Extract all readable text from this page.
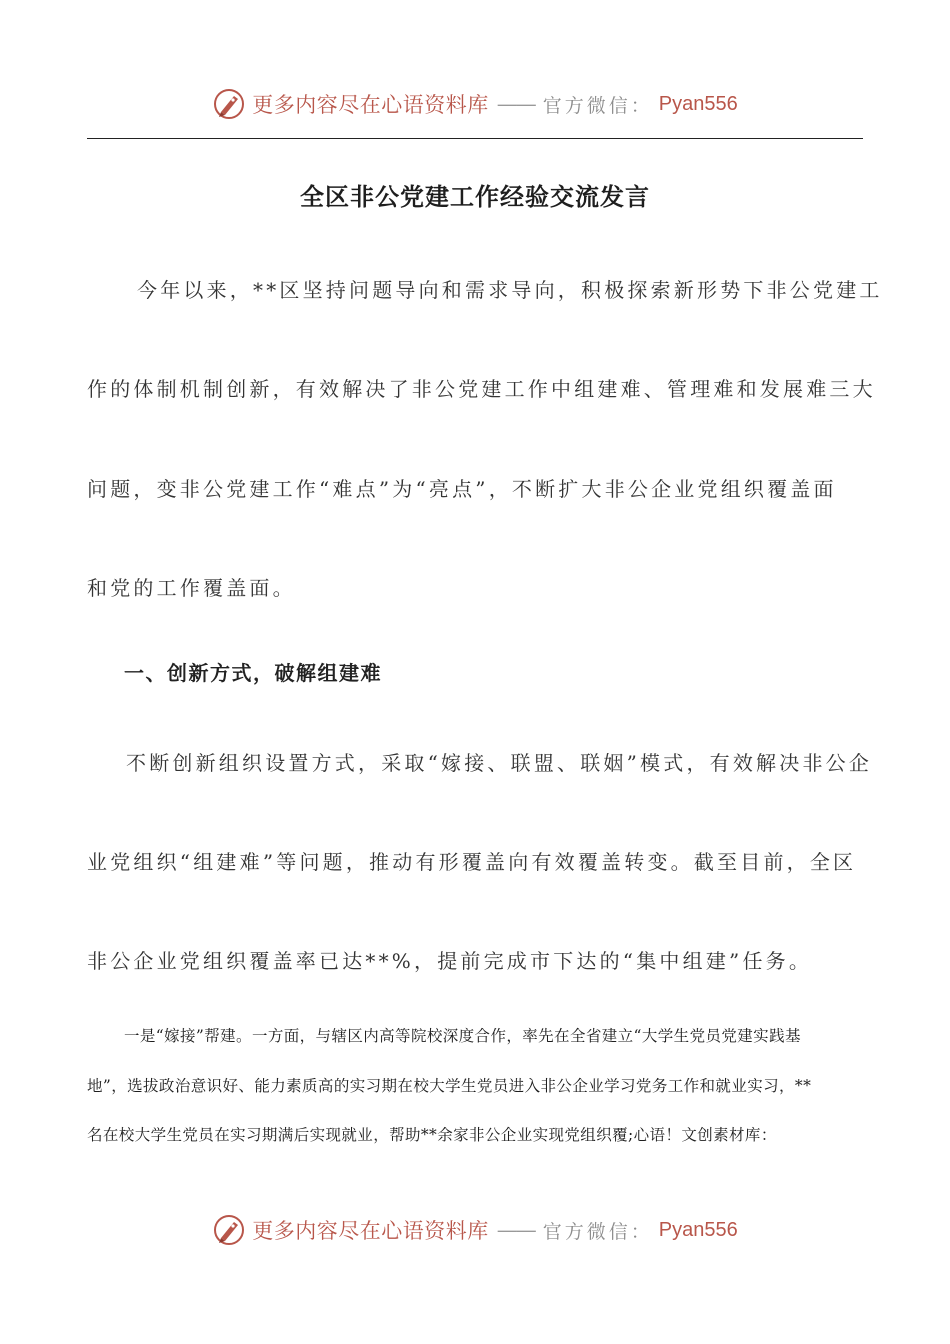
更多内容尽在心语资料库 —— 官方微信： Pyan556
全区非公党建工作经验交流发言
今年以来，**区坚持问题导向和需求导向，积极探索新形势下非公党建工
作的体制机制创新，有效解决了非公党建工作中组建难、管理难和发展难三大
问题，变非公党建工作“难点”为“亮点”，不断扩大非公企业党组织覆盖面
和党的工作覆盖面。
一、创新方式，破解组建难
不断创新组织设置方式，采取“嫁接、联盟、联姻”模式，有效解决非公企
业党组织“组建难”等问题，推动有形覆盖向有效覆盖转变。截至目前，全区
非公企业党组织覆盖率已达**%，提前完成市下达的“集中组建”任务。
一是“嫁接”帮建。一方面，与辖区内高等院校深度合作，率先在全省建立“大学生党员党建实践基
地”，选拔政治意识好、能力素质高的实习期在校大学生党员进入非公企业学习党务工作和就业实习，**
名在校大学生党员在实习期满后实现就业，帮助**余家非公企业实现党组织覆;心语！文创素材库：
更多内容尽在心语资料库 —— 官方微信： Pyan556
